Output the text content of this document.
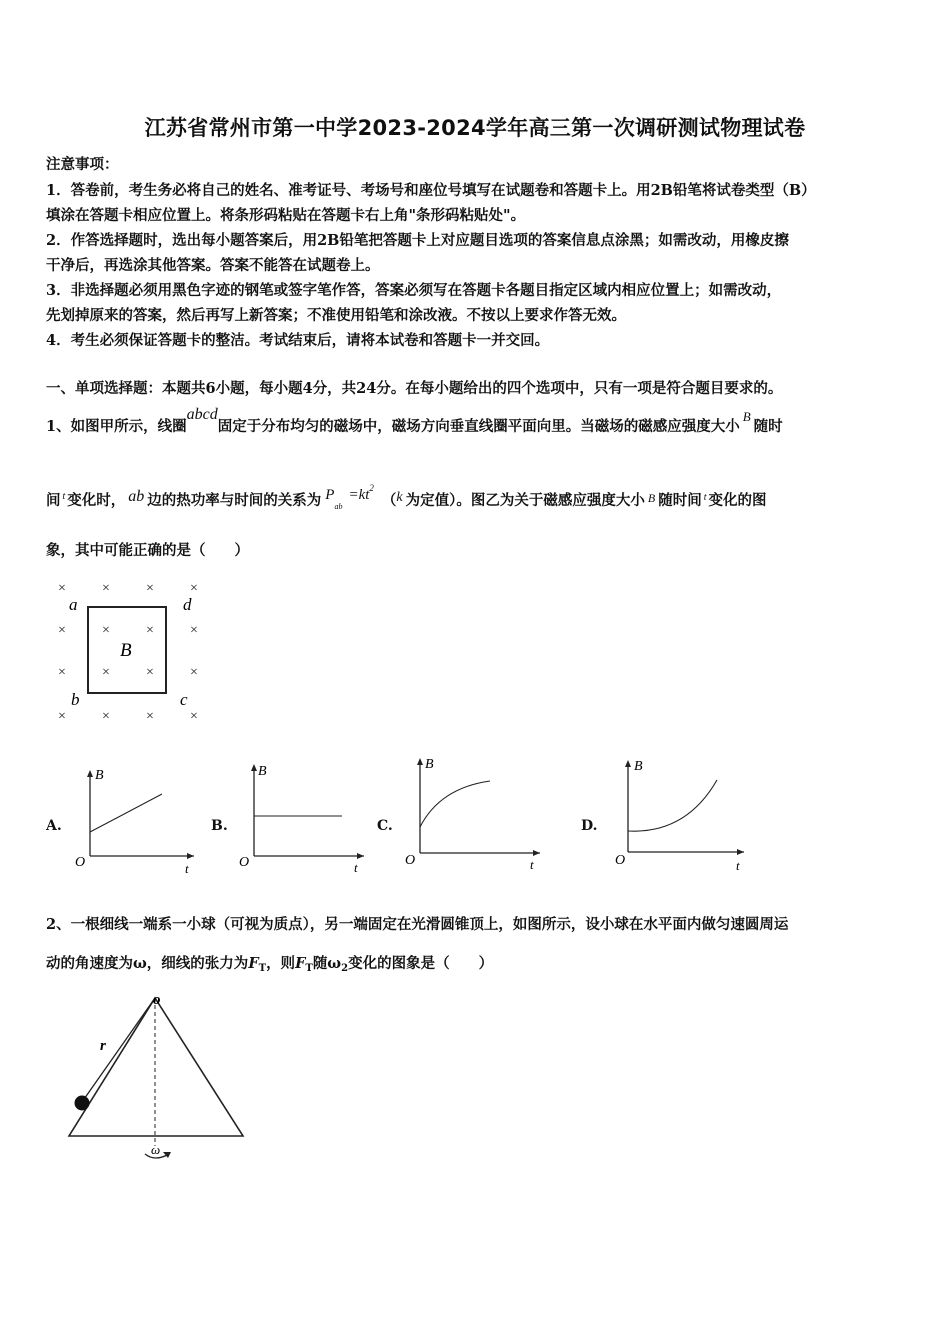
江苏省常州市第一中学2023-2024学年高三第一次调研测试物理试卷
注意事项：
1．答卷前，考生务必将自己的姓名、准考证号、考场号和座位号填写在试题卷和答题卡上。用2B铅笔将试卷类型（B）
填涂在答题卡相应位置上。将条形码粘贴在答题卡右上角"条形码粘贴处"。
2．作答选择题时，选出每小题答案后，用2B铅笔把答题卡上对应题目选项的答案信息点涂黑；如需改动，用橡皮擦
干净后，再选涂其他答案。答案不能答在试题卷上。
3．非选择题必须用黑色字迹的钢笔或签字笔作答，答案必须写在答题卡各题目指定区域内相应位置上；如需改动，
先划掉原来的答案，然后再写上新答案；不准使用铅笔和涂改液。不按以上要求作答无效。
4．考生必须保证答题卡的整洁。考试结束后，请将本试卷和答题卡一并交回。
一、单项选择题：本题共6小题，每小题4分，共24分。在每小题给出的四个选项中，只有一项是符合题目要求的。
1、如图甲所示，线圈abcd固定于分布均匀的磁场中，磁场方向垂直线圈平面向里。当磁场的磁感应强度大小B随时
间 $^t$ 变化时， ab 边的热功率与时间的关系为 $P_{ab}=kt^2(k$ 为定值）。图乙为关于磁感应强度大小 $^B$ 随时间 $^t$ 变化的图
象，其中可能正确的是（　　）
×	×	×	×
×	×	×	×
×	×	×	×
×	×	×	×
a
b	c
d
B
A.
B
O	t
B.
B
O	t
C.
B
O	t
D.
B
O	t
2、一根细线一端系一小球（可视为质点），另一端固定在光滑圆锥顶上，如图所示，设小球在水平面内做匀速圆周运
动的角速度为ω，细线的张力为$F_T$，则$F_T$随$\omega_2$变化的图象是（　　）
o
r
ω
